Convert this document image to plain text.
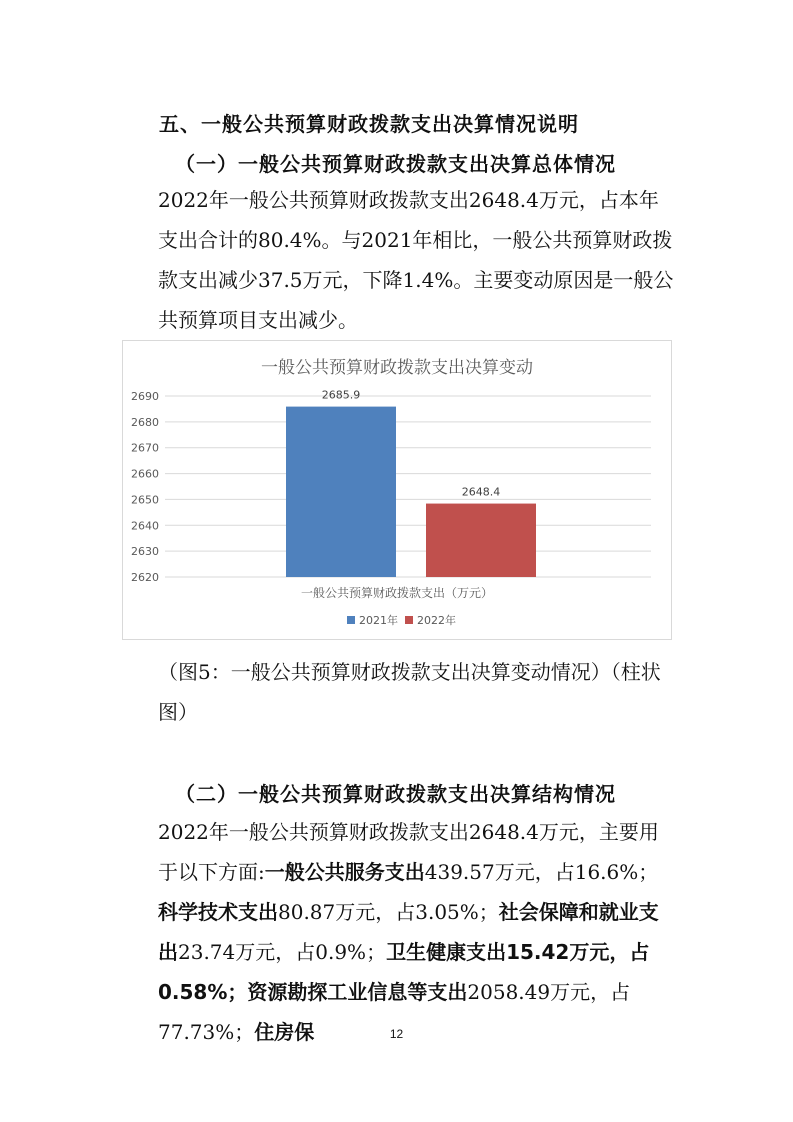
五、一般公共预算财政拨款支出决算情况说明
（一）一般公共预算财政拨款支出决算总体情况

2022年一般公共预算财政拨款支出2648.4万元，占本年支出合计的80.4%。与2021年相比，一般公共预算财政拨款支出减少37.5万元，下降1.4%。主要变动原因是一般公共预算项目支出减少。

一般公共预算财政拨款支出决算变动
2620
2630
2640
2650
2660
2670
2680
2690	2685.9
2648.4
一般公共预算财政拨款支出（万元）
2021年 2022年

（图5：一般公共预算财政拨款支出决算变动情况）（柱状图）

（二）一般公共预算财政拨款支出决算结构情况

2022年一般公共预算财政拨款支出2648.4万元，主要用于以下方面:一般公共服务支出439.57万元，占16.6%；科学技术支出80.87万元，占3.05%；社会保障和就业支出23.74万元，占0.9%；卫生健康支出15.42万元，占0.58%；资源勘探工业信息等支出2058.49万元，占77.73%；住房保	12
